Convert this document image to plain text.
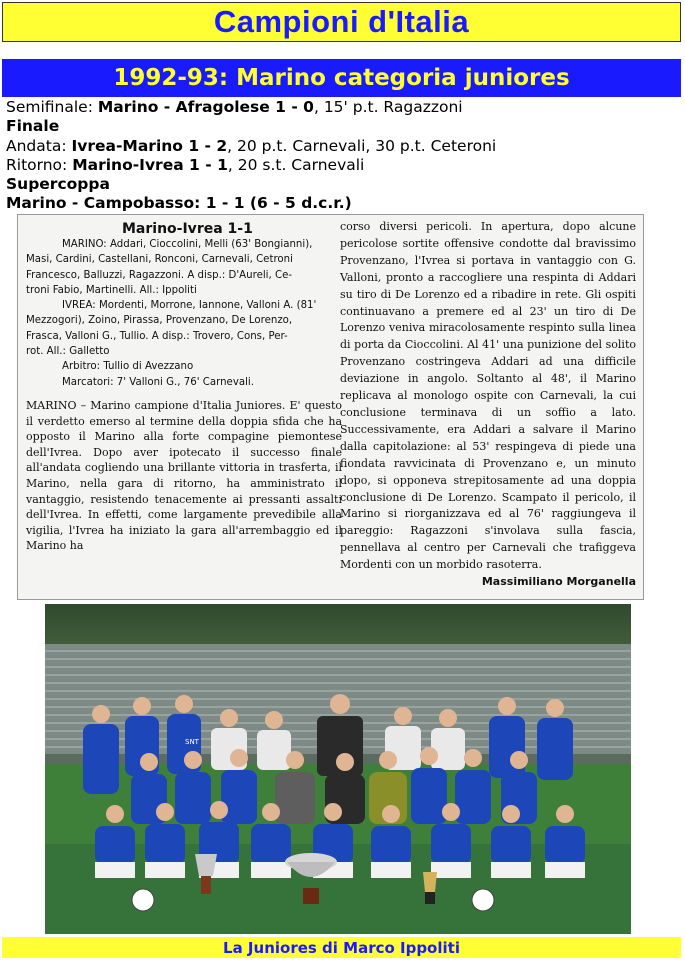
Campioni d'Italia
1992-93: Marino categoria juniores
Semifinale: Marino - Afragolese 1 - 0, 15' p.t. Ragazzoni
Finale
Andata: Ivrea-Marino 1 - 2, 20 p.t. Carnevali, 30 p.t. Ceteroni
Ritorno: Marino-Ivrea 1 - 1, 20 s.t. Carnevali
Supercoppa
Marino - Campobasso: 1 - 1 (6 - 5 d.c.r.)
Marino-Ivrea 1-1
MARINO: Addari, Cioccolini, Melli (63' Bongianni),
Masi, Cardini, Castellani, Ronconi, Carnevali, Cetroni
Francesco, Balluzzi, Ragazzoni. A disp.: D'Aureli, Ce-
troni Fabio, Martinelli. All.: Ippoliti
IVREA: Mordenti, Morrone, Iannone, Valloni A. (81'
Mezzogori), Zoino, Pirassa, Provenzano, De Lorenzo,
Frasca, Valloni G., Tullio. A disp.: Trovero, Cons, Per-
rot. All.: Galletto
Arbitro: Tullio di Avezzano
Marcatori: 7' Valloni G., 76' Carnevali.
MARINO – Marino campione d'Italia Juniores. E' questo il verdetto emerso al termine della doppia sfida che ha opposto il Marino alla forte compagine piemontese dell'Ivrea. Dopo aver ipotecato il successo finale all'andata cogliendo una brillante vittoria in trasferta, il Marino, nella gara di ritorno, ha amministrato il vantaggio, resistendo tenacemente ai pressanti assalti dell'Ivrea. In effetti, come largamente prevedibile alla vigilia, l'Ivrea ha iniziato la gara all'arrembaggio ed il Marino ha
corso diversi pericoli. In apertura, dopo alcune pericolose sortite offensive condotte dal bravissimo Provenzano, l'Ivrea si portava in vantaggio con G. Valloni, pronto a raccogliere una respinta di Addari su tiro di De Lorenzo ed a ribadire in rete. Gli ospiti continuavano a premere ed al 23' un tiro di De Lorenzo veniva miracolosamente respinto sulla linea di porta da Cioccolini. Al 41' una punizione del solito Provenzano costringeva Addari ad una difficile deviazione in angolo. Soltanto al 48', il Marino replicava al monologo ospite con Carnevali, la cui conclusione terminava di un soffio a lato. Successivamente, era Addari a salvare il Marino dalla capitolazione: al 53' respingeva di piede una fiondata ravvicinata di Provenzano e, un minuto dopo, si opponeva strepitosamente ad una doppia conclusione di De Lorenzo. Scampato il pericolo, il Marino si riorganizzava ed al 76' raggiungeva il pareggio: Ragazzoni s'involava sulla fascia, pennellava al centro per Carnevali che trafiggeva Mordenti con un morbido rasoterra.
Massimiliano Morganella
SNT
La Juniores di Marco Ippoliti
